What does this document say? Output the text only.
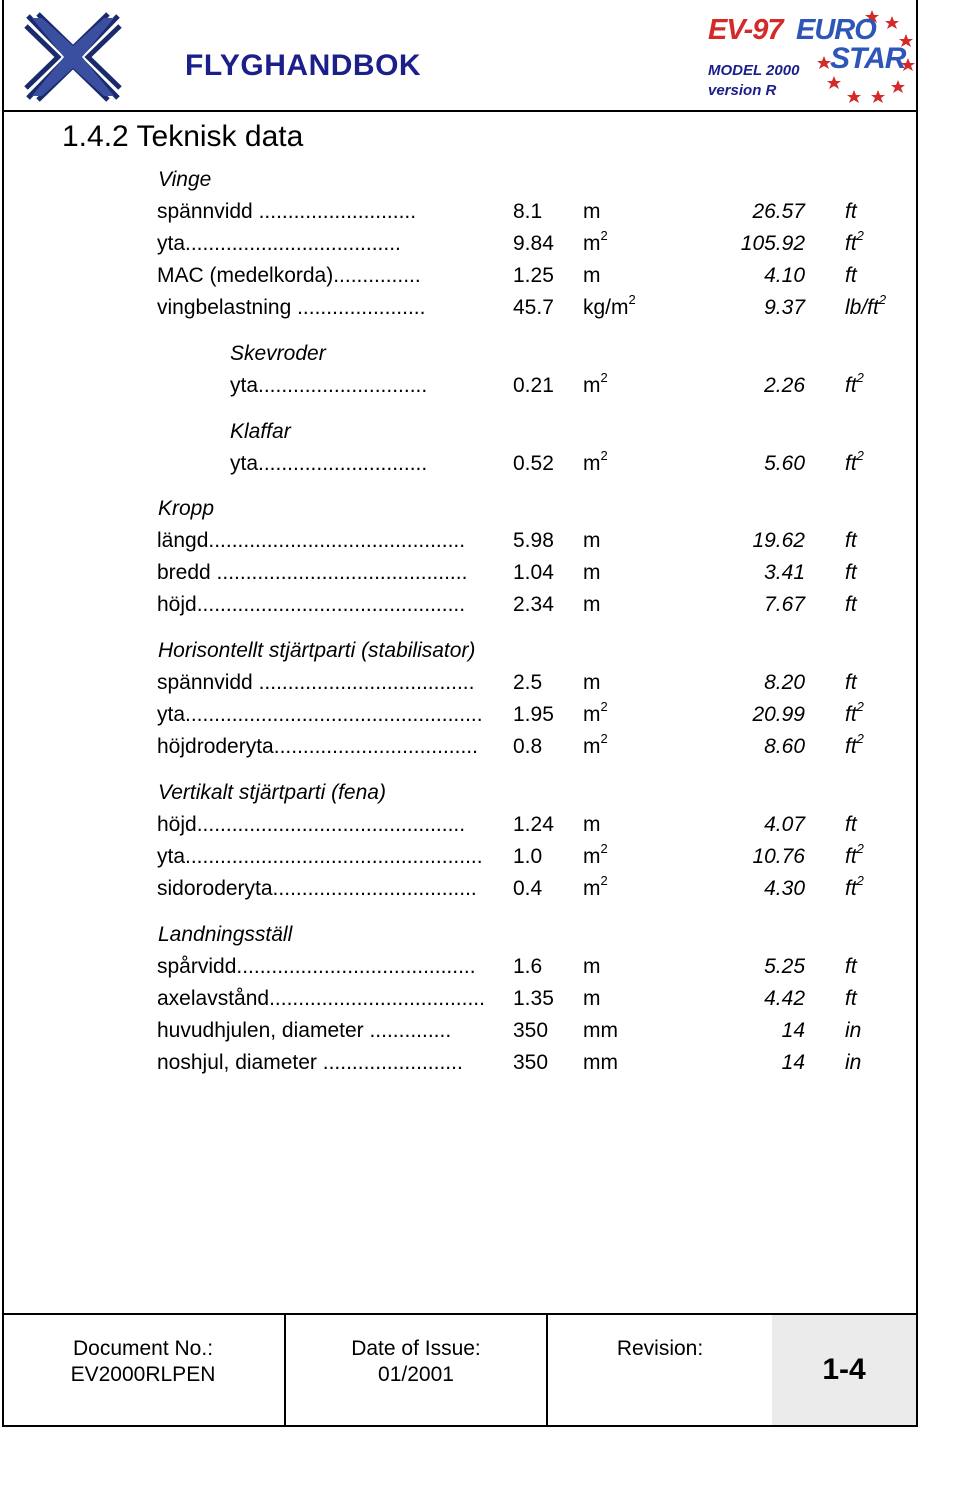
FLYGHANDBOK
EV-97 EURO
STAR
MODEL 2000
version R
1.4.2 Teknisk data
Vinge
Skevroder
Klaffar
Kropp
Horisontellt stjärtparti (stabilisator)
Vertikalt stjärtparti (fena)
Landningsställ
spännvidd ...........................	8.1	m	26.57 ft
yta.....................................	9.84 $m^2$	105.92 $ft^2$
MAC (medelkorda)...............	1.25 m	4.10 ft
vingbelastning ......................	45.7 $kg/m^2$	9.37 $lb/ft^2$
yta.............................	0.21 $m^2$	2.26 $ft^2$
yta.............................	0.52 $m^2$	5.60 $ft^2$
längd............................................	5.98 m	19.62 ft
bredd ...........................................	1.04 m	3.41 ft
höjd..............................................	2.34 m	7.67 ft
spännvidd .....................................	2.5	m	8.20 ft
yta...................................................	1.95 $m^2$	20.99 $ft^2$
höjdroderyta...................................	0.8	$m^2$	8.60 $ft^2$
höjd..............................................	1.24 m	4.07 ft
yta...................................................	1.0	$m^2$	10.76 $ft^2$
sidoroderyta...................................	0.4	$m^2$	4.30 $ft^2$
spårvidd.........................................	1.6	m	5.25 ft
axelavstånd.....................................	1.35 m	4.42 ft
huvudhjulen, diameter ..............	350 mm	14 in
noshjul, diameter ........................	350 mm	14 in
Document No.:
EV2000RLPEN
Date of Issue:
01/2001
Revision:
1-4
